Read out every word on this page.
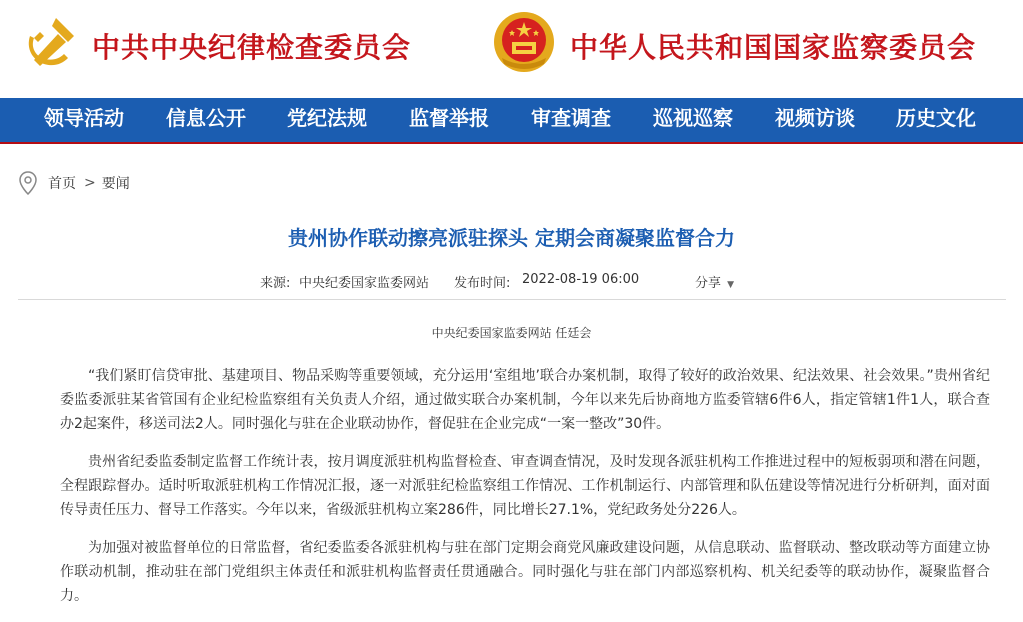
中共中央纪律检查委员会	中华人民共和国国家监察委员会
领导活动 信息公开 党纪法规 监督举报 审查调查 巡视巡察 视频访谈 历史文化
首页 > 要闻
贵州协作联动擦亮派驻探头 定期会商凝聚监督合力
来源: 中央纪委国家监委网站 发布时间: 2022-08-19 06:00	分享 ▼
中央纪委国家监委网站 任廷会

“我们紧盯信贷审批、基建项目、物品采购等重要领域，充分运用‘室组地’联合办案机制，取得了较好的政治效果、纪法效果、社会效果。”贵州省纪委监委派驻某省管国有企业纪检监察组有关负责人介绍，通过做实联合办案机制，今年以来先后协商地方监委管辖6件6人，指定管辖1件1人，联合查办2起案件，移送司法2人。同时强化与驻在企业联动协作，督促驻在企业完成“一案一整改”30件。

贵州省纪委监委制定监督工作统计表，按月调度派驻机构监督检查、审查调查情况，及时发现各派驻机构工作推进过程中的短板弱项和潜在问题，全程跟踪督办。适时听取派驻机构工作情况汇报，逐一对派驻纪检监察组工作情况、工作机制运行、内部管理和队伍建设等情况进行分析研判，面对面传导责任压力、督导工作落实。今年以来，省级派驻机构立案286件，同比增长27.1%，党纪政务处分226人。

为加强对被监督单位的日常监督，省纪委监委各派驻机构与驻在部门定期会商党风廉政建设问题，从信息联动、监督联动、整改联动等方面建立协作联动机制，推动驻在部门党组织主体责任和派驻机构监督责任贯通融合。同时强化与驻在部门内部巡察机构、机关纪委等的联动协作，凝聚监督合力。
